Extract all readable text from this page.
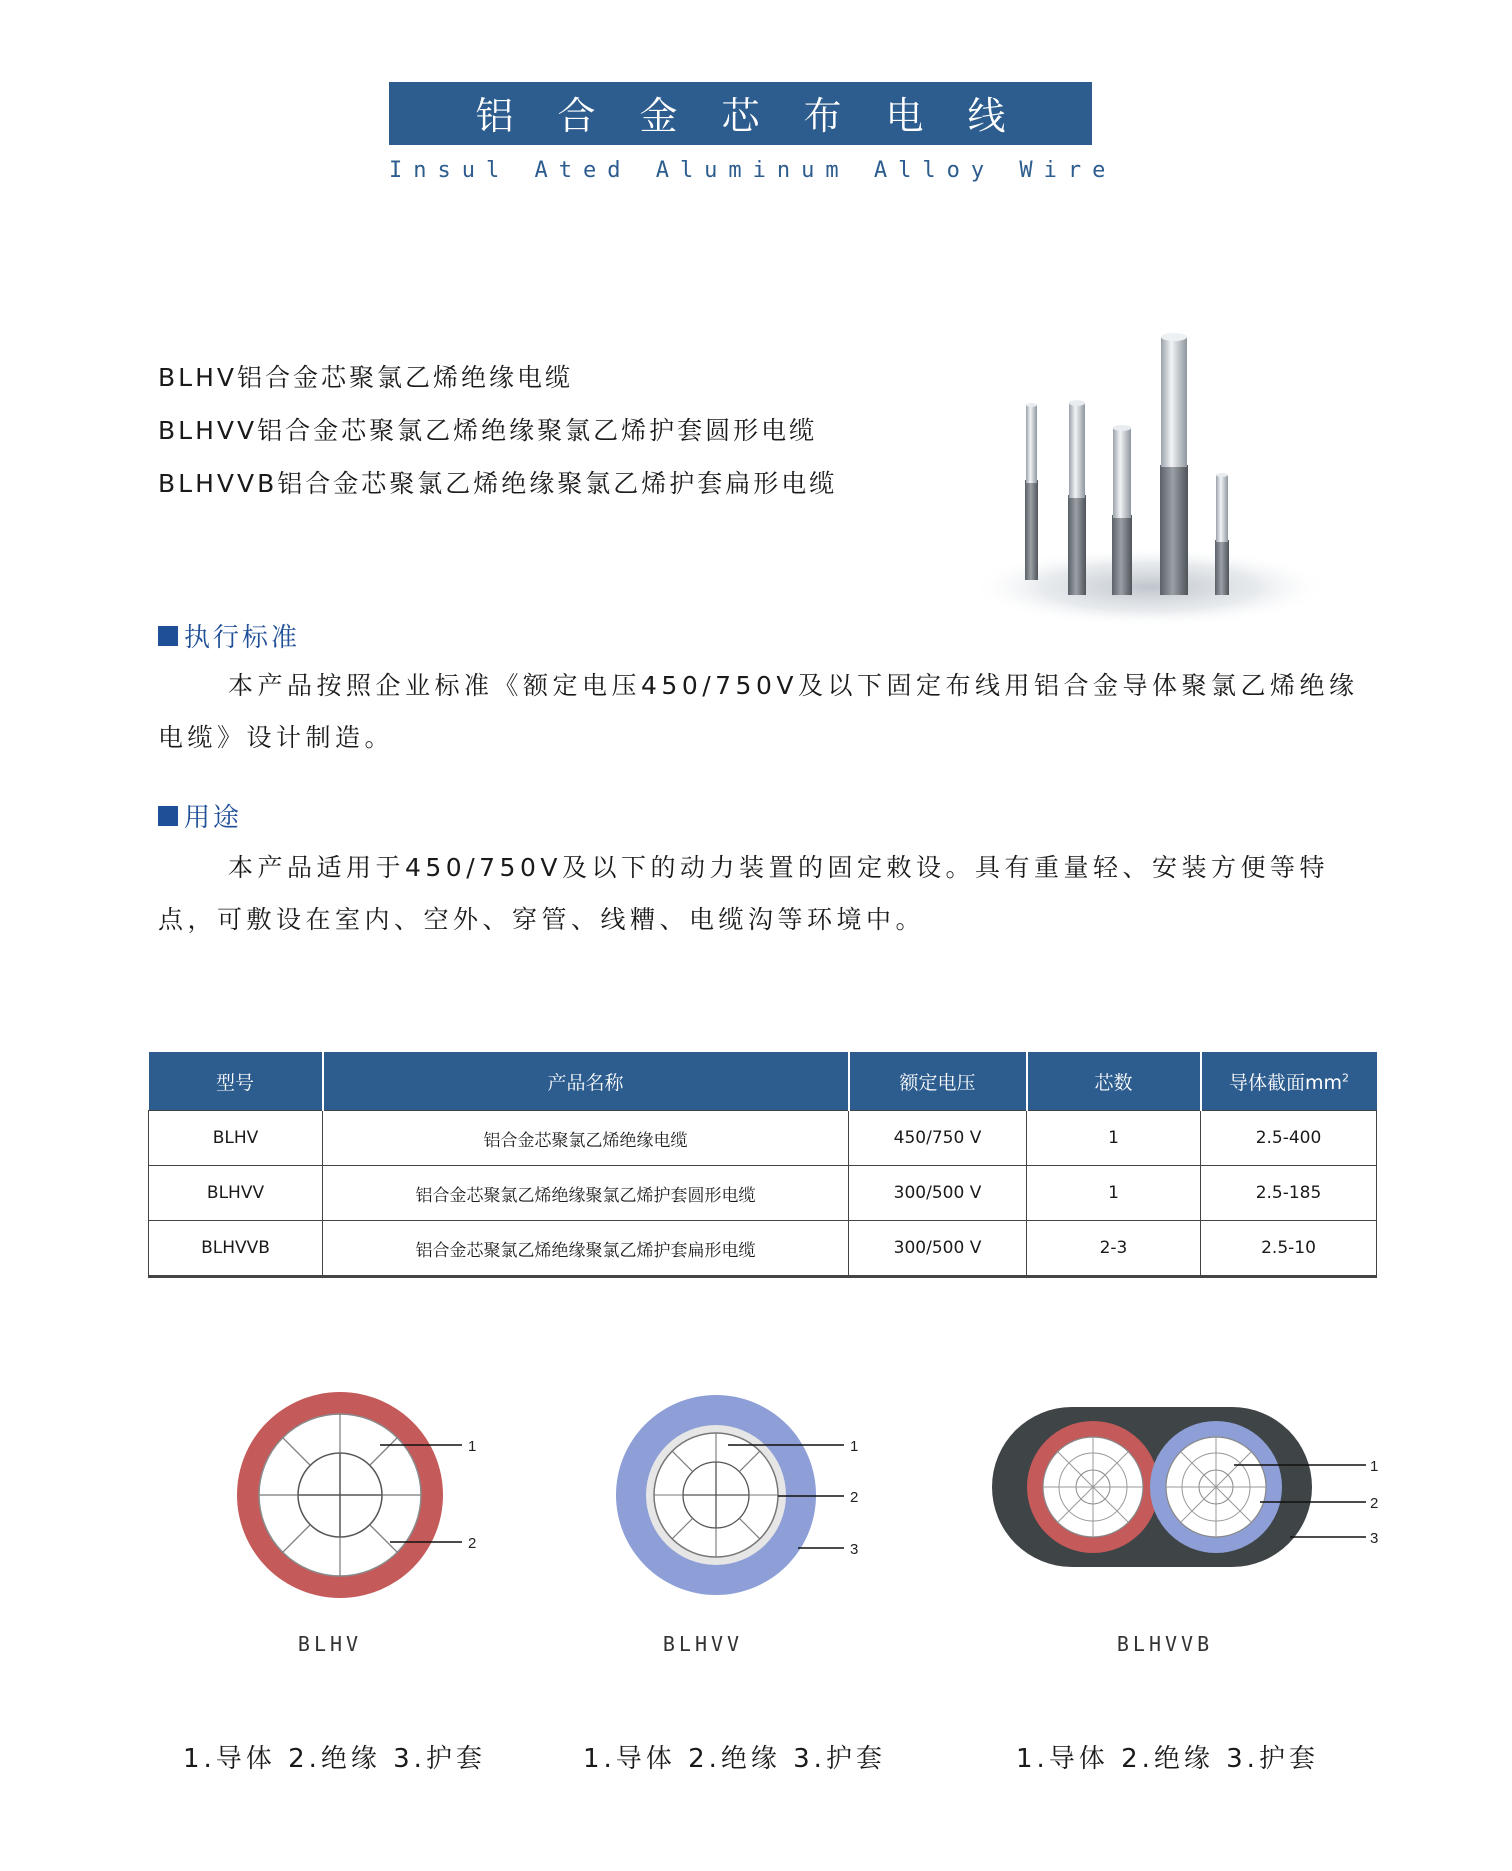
铝合金芯布电线
Insul Ated Aluminum Alloy Wire
BLHV铝合金芯聚氯乙烯绝缘电缆
BLHVV铝合金芯聚氯乙烯绝缘聚氯乙烯护套圆形电缆
BLHVVB铝合金芯聚氯乙烯绝缘聚氯乙烯护套扁形电缆
执行标准
本产品按照企业标准《额定电压450/750V及以下固定布线用铝合金导体聚氯乙烯绝缘电缆》设计制造。
用途
本产品适用于450/750V及以下的动力装置的固定敕设。具有重量轻、安装方便等特点，可敷设在室内、空外、穿管、线糟、电缆沟等环境中。
型号	产品名称	额定电压	芯数	导体截面$mm^2$
BLHV	铝合金芯聚氯乙烯绝缘电缆	450/750 V	1	2.5-400
BLHVV	铝合金芯聚氯乙烯绝缘聚氯乙烯护套圆形电缆	300/500 V	1	2.5-185
BLHVVB	铝合金芯聚氯乙烯绝缘聚氯乙烯护套扁形电缆	300/500 V	2-3	2.5-10
1
2
BLHV
1
2
3
BLHVV
1
2
3
BLHVVB
1.导体 2.绝缘 3.护套	1.导体 2.绝缘 3.护套	1.导体 2.绝缘 3.护套
